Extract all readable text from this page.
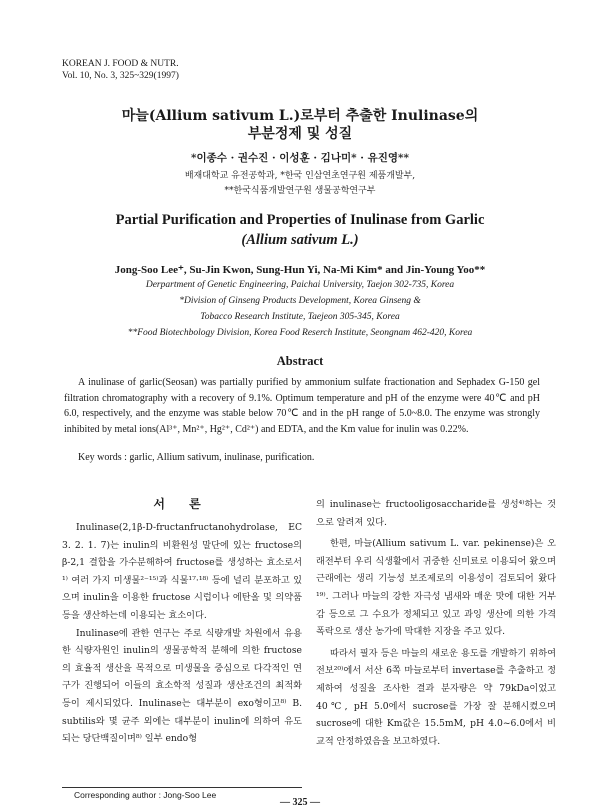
KOREAN J. FOOD & NUTR.
Vol. 10, No. 3, 325~329(1997)
마늘(Allium sativum L.)로부터 추출한 Inulinase의
부분정제 및 성질
*이종수 · 권수진 · 이성훈 · 김나미* · 유진영**
배재대학교 유전공학과, *한국 인삼연초연구원 제품개발부,
**한국식품개발연구원 생물공학연구부
Partial Purification and Properties of Inulinase from Garlic
(Allium sativum L.)
Jong-Soo Lee⁺, Su-Jin Kwon, Sung-Hun Yi, Na-Mi Kim* and Jin-Young Yoo**
Derpartment of Genetic Engineering, Paichai University, Taejon 302-735, Korea
*Division of Ginseng Products Development, Korea Ginseng &
Tobacco Research Institute, Taejeon 305-345, Korea
**Food Biotechbology Division, Korea Food Reserch Institute, Seongnam 462-420, Korea
Abstract
A inulinase of garlic(Seosan) was partially purified by ammonium sulfate fractionation and Sephadex G-150 gel filtration chromatography with a recovery of 9.1%. Optimum temperature and pH of the enzyme were 40℃ and pH 6.0, respectively, and the enzyme was stable below 70℃ and in the pH range of 5.0~8.0. The enzyme was strongly inhibited by metal ions(Al³⁺, Mn²⁺, Hg²⁺, Cd²⁺) and EDTA, and the Km value for inulin was 0.22%.
Key words : garlic, Allium sativum, inulinase, purification.
서 론

Inulinase(2,1β-D-fructanfructanohydrolase, EC 3. 2. 1. 7)는 inulin의 비환원성 말단에 있는 fructose의 β-2,1 결합을 가수분해하여 fructose를 생성하는 효소로서¹⁾ 여러 가지 미생물²⁻¹⁵⁾과 식물¹⁷·¹⁸⁾ 등에 널리 분포하고 있으며 inulin을 이용한 fructose 시럽이나 에탄올 및 의약품 등을 생산하는데 이용되는 효소이다.

Inulinase에 관한 연구는 주로 식량개발 차원에서 유용한 식량자원인 inulin의 생물공학적 분해에 의한 fructose의 효율적 생산을 목적으로 미생물을 중심으로 다각적인 연구가 진행되어 이들의 효소학적 성질과 생산조건의 최적화 등이 제시되었다. Inulinase는 대부분이 exo형이고⁸⁾ B. subtilis와 몇 균주 외에는 대부분이 inulin에 의하여 유도되는 당단백질이며⁸⁾ 일부 endo형

의 inulinase는 fructooligosaccharide를 생성⁴⁾하는 것으로 알려져 있다.

한편, 마늘(Allium sativum L. var. pekinense)은 오래전부터 우리 식생활에서 귀중한 신미료로 이용되어 왔으며 근래에는 생리 기능성 보조제로의 이용성이 검토되어 왔다¹⁹⁾. 그러나 마늘의 강한 자극성 냄새와 매운 맛에 대한 거부감 등으로 그 수요가 정체되고 있고 과잉 생산에 의한 가격 폭락으로 생산 농가에 막대한 지장을 주고 있다.

따라서 필자 등은 마늘의 새로운 용도를 개발하기 위하여 전보²⁰⁾에서 서산 6쪽 마늘로부터 invertase를 추출하고 정제하여 성질을 조사한 결과 분자량은 약 79kDa이었고 40℃, pH 5.0에서 sucrose를 가장 잘 분해시켰으며 sucrose에 대한 Km값은 15.5mM, pH 4.0~6.0에서 비교적 안정하였음을 보고하였다.

Corresponding author : Jong-Soo Lee
— 325 —
